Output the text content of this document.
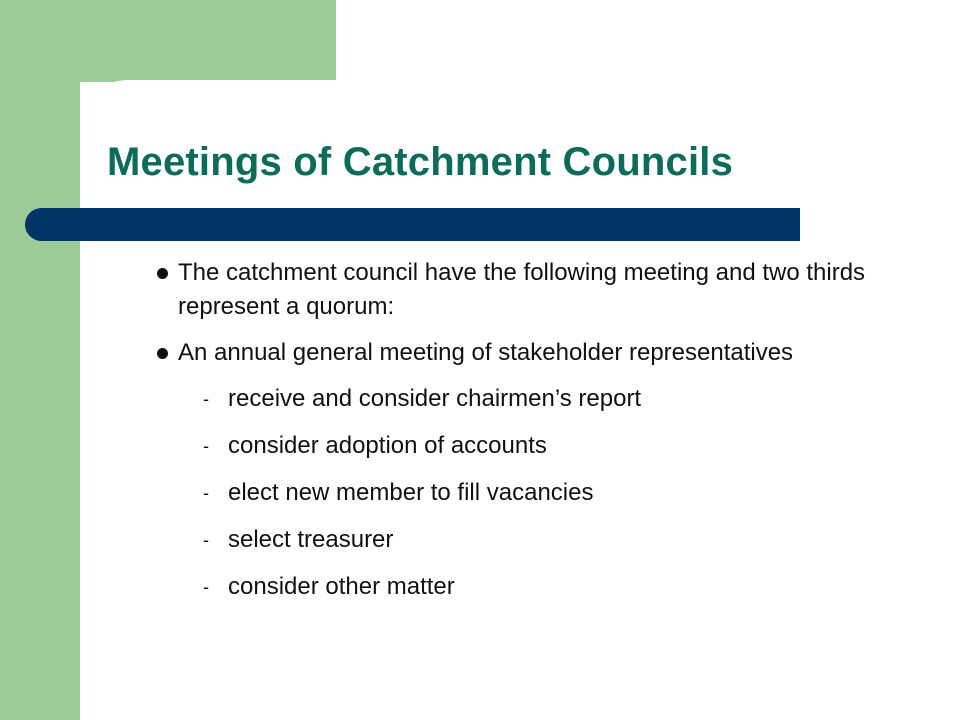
Meetings of Catchment Councils
The catchment council have the following meeting and two thirds represent a quorum:
An annual general meeting of stakeholder representatives
- receive and consider chairmen’s report
- consider adoption of accounts
- elect new member to fill vacancies
- select treasurer
- consider other matter
